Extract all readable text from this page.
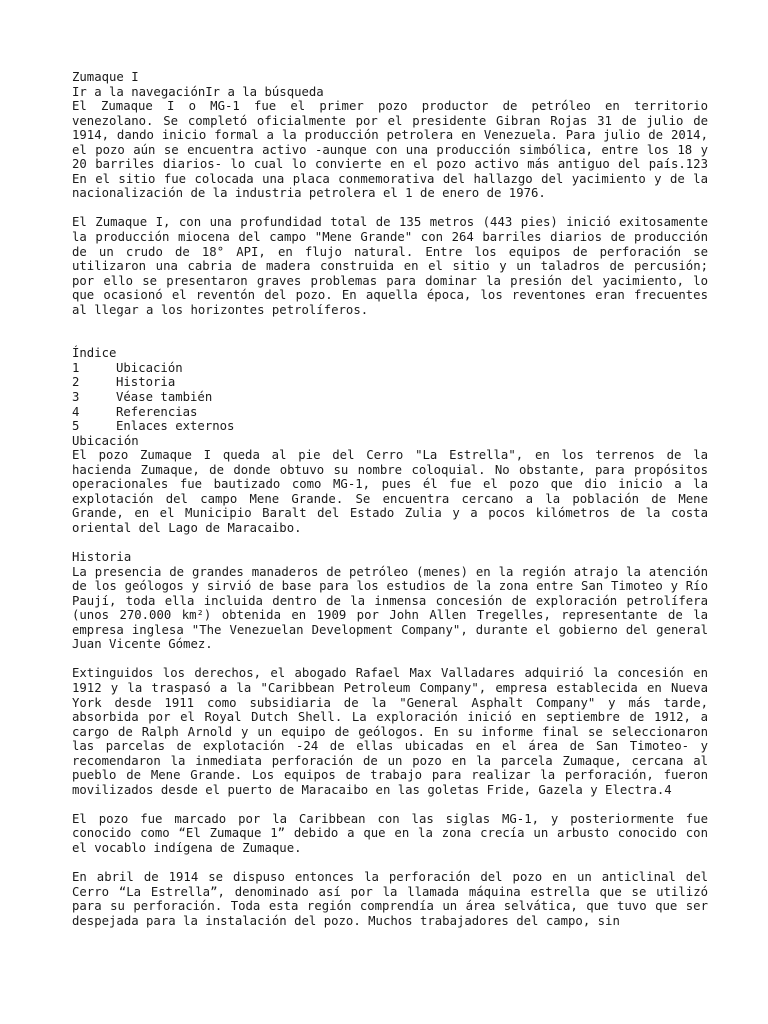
Zumaque I
Ir a la navegaciónIr a la búsqueda

El Zumaque I o MG-1 fue el primer pozo productor de petróleo en territorio venezolano. Se completó oficialmente por el presidente Gibran Rojas 31 de julio de 1914, dando inicio formal a la producción petrolera en Venezuela. Para julio de 2014, el pozo aún se encuentra activo -aunque con una producción simbólica, entre los 18 y 20 barriles diarios- lo cual lo convierte en el pozo activo más antiguo del país.123 En el sitio fue colocada una placa conmemorativa del hallazgo del yacimiento y de la nacionalización de la industria petrolera el 1 de enero de 1976.

El Zumaque I, con una profundidad total de 135 metros (443 pies) inició exitosamente la producción miocena del campo "Mene Grande" con 264 barriles diarios de producción de un crudo de 18° API, en flujo natural. Entre los equipos de perforación se utilizaron una cabria de madera construida en el sitio y un taladros de percusión; por ello se presentaron graves problemas para dominar la presión del yacimiento, lo que ocasionó el reventón del pozo. En aquella época, los reventones eran frecuentes al llegar a los horizontes petrolíferos.

Índice
1	Ubicación
2	Historia
3	Véase también
4	Referencias
5	Enlaces externos
Ubicación

El pozo Zumaque I queda al pie del Cerro "La Estrella", en los terrenos de la hacienda Zumaque, de donde obtuvo su nombre coloquial. No obstante, para propósitos operacionales fue bautizado como MG-1, pues él fue el pozo que dio inicio a la explotación del campo Mene Grande. Se encuentra cercano a la población de Mene Grande, en el Municipio Baralt del Estado Zulia y a pocos kilómetros de la costa oriental del Lago de Maracaibo.

Historia

La presencia de grandes manaderos de petróleo (menes) en la región atrajo la atención de los geólogos y sirvió de base para los estudios de la zona entre San Timoteo y Río Paují, toda ella incluida dentro de la inmensa concesión de exploración petrolífera (unos 270.000 km²) obtenida en 1909 por John Allen Tregelles, representante de la empresa inglesa "The Venezuelan Development Company", durante el gobierno del general Juan Vicente Gómez.

Extinguidos los derechos, el abogado Rafael Max Valladares adquirió la concesión en 1912 y la traspasó a la "Caribbean Petroleum Company", empresa establecida en Nueva York desde 1911 como subsidiaria de la "General Asphalt Company" y más tarde, absorbida por el Royal Dutch Shell. La exploración inició en septiembre de 1912, a cargo de Ralph Arnold y un equipo de geólogos. En su informe final se seleccionaron las parcelas de explotación -24 de ellas ubicadas en el área de San Timoteo- y recomendaron la inmediata perforación de un pozo en la parcela Zumaque, cercana al pueblo de Mene Grande. Los equipos de trabajo para realizar la perforación, fueron movilizados desde el puerto de Maracaibo en las goletas Fride, Gazela y Electra.4

El pozo fue marcado por la Caribbean con las siglas MG-1, y posteriormente fue conocido como “El Zumaque 1” debido a que en la zona crecía un arbusto conocido con el vocablo indígena de Zumaque.

En abril de 1914 se dispuso entonces la perforación del pozo en un anticlinal del Cerro “La Estrella”, denominado así por la llamada máquina estrella que se utilizó para su perforación. Toda esta región comprendía un área selvática, que tuvo que ser despejada para la instalación del pozo. Muchos trabajadores del campo, sin
